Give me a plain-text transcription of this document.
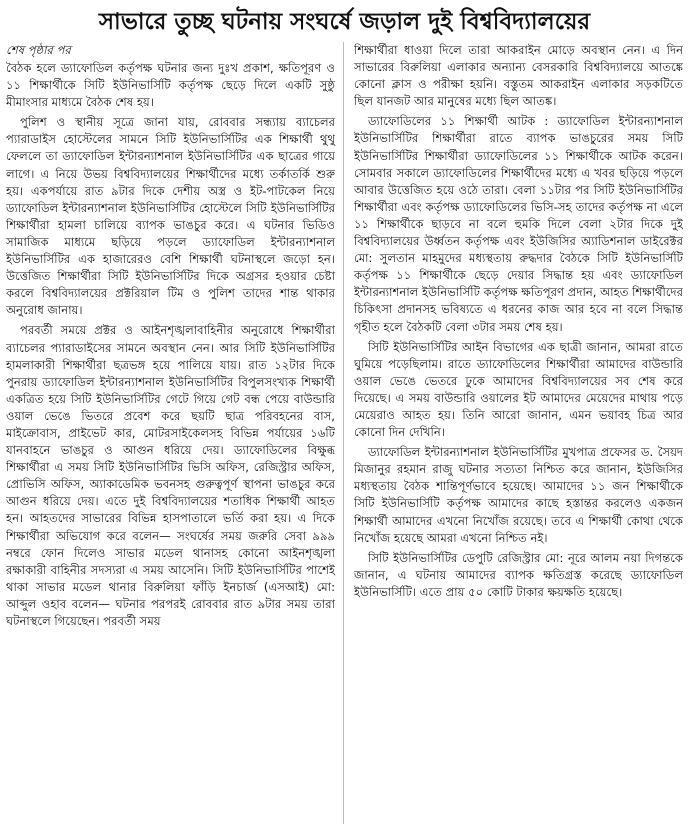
সাভারে তুচ্ছ ঘটনায় সংঘর্ষে জড়াল দুই বিশ্ববিদ্যালয়ের
শেষ পৃষ্ঠার পর

বৈঠক হলে ড্যাফোডিল কর্তৃপক্ষ ঘটনার জন্য দুঃখ প্রকাশ, ক্ষতিপূরণ ও ১১ শিক্ষার্থীকে সিটি ইউনিভার্সিটি কর্তৃপক্ষ ছেড়ে দিলে একটি সুষ্ঠু মীমাংসার মাধ্যমে বৈঠক শেষ হয়।

পুলিশ ও স্থানীয় সূত্রে জানা যায়, রোববার সন্ধ্যায় ব্যাচেলর প্যারাডাইস হোস্টেলের সামনে সিটি ইউনিভার্সিটির এক শিক্ষার্থী থুথু ফেললে তা ড্যাফোডিল ইন্টারন্যাশনাল ইউনিভার্সিটির এক ছাত্রের গায়ে লাগে। এ নিয়ে উভয় বিশ্ববিদ্যালয়ের শিক্ষার্থীদের মধ্যে তর্কাতর্কি শুরু হয়। একপর্যায়ে রাত ৯টার দিকে দেশীয় অস্ত্র ও ইট-পাটকেল নিয়ে ড্যাফোডিল ইন্টারন্যাশনাল ইউনিভার্সিটির হোস্টেলে সিটি ইউনিভার্সিটির শিক্ষার্থীরা হামলা চালিয়ে ব্যাপক ভাঙচুর করে। এ ঘটনার ভিডিও সামাজিক মাধ্যমে ছড়িয়ে পড়লে ড্যাফোডিল ইন্টারন্যাশনাল ইউনিভার্সিটির এক হাজারেরও বেশি শিক্ষার্থী ঘটনাস্থলে জড়ো হন। উত্তেজিত শিক্ষার্থীরা সিটি ইউনিভার্সিটির দিকে অগ্রসর হওয়ার চেষ্টা করলে বিশ্ববিদ্যালয়ের প্রক্টরিয়াল টিম ও পুলিশ তাদের শান্ত থাকার অনুরোধ জানায়।

পরবর্তী সময়ে প্রক্টর ও আইনশৃঙ্খলাবাহিনীর অনুরোধে শিক্ষার্থীরা ব্যাচেলর প্যারাডাইসের সামনে অবস্থান নেন। আর সিটি ইউনিভার্সিটির হামলাকারী শিক্ষার্থীরা ছত্রভঙ্গ হয়ে পালিয়ে যায়। রাত ১২টার দিকে পুনরায় ড্যাফোডিল ইন্টারন্যাশনাল ইউনিভার্সিটির বিপুলসংখ্যক শিক্ষার্থী একত্রিত হয়ে সিটি ইউনিভার্সিটির গেটে গিয়ে গেট বন্ধ পেয়ে বাউন্ডারি ওয়াল ভেঙে ভিতরে প্রবেশ করে ছয়টি ছাত্র পরিবহনের বাস, মাইক্রোবাস, প্রাইভেট কার, মোটরসাইকেলসহ বিভিন্ন পর্যায়ের ১৬টি যানবাহনে ভাঙচুর ও আগুন ধরিয়ে দেয়। ড্যাফোডিলের বিক্ষুব্ধ শিক্ষার্থীরা এ সময় সিটি ইউনিভার্সিটির ভিসি অফিস, রেজিস্ট্রার অফিস, প্রোভিসি অফিস, অ্যাকাডেমিক ভবনসহ গুরুত্বপূর্ণ স্থাপনা ভাঙচুর করে আগুন ধরিয়ে দেয়। এতে দুই বিশ্ববিদ্যালয়ের শতাধিক শিক্ষার্থী আহত হন। আহতদের সাভারের বিভিন্ন হাসপাতালে ভর্তি করা হয়। এ দিকে শিক্ষার্থীরা অভিযোগ করে বলেন— সংঘর্ষের সময় জরুরি সেবা ৯৯৯ নম্বরে ফোন দিলেও সাভার মডেল থানাসহ কোনো আইনশৃঙ্খলা রক্ষাকারী বাহিনীর সদস্যরা এ সময় আসেনি। সিটি ইউনিভার্সিটির পাশেই থাকা সাভার মডেল থানার বিরুলিয়া ফাঁড়ি ইনচার্জ (এসআই) মো: আব্দুল ওহাব বলেন— ঘটনার পরপরই রোববার রাত ৯টার সময় তারা ঘটনাস্থলে গিয়েছেন। পরবর্তী সময়

শিক্ষার্থীরা ধাওয়া দিলে তারা আকরাইন মোড়ে অবস্থান নেন। এ দিন সাভারের বিরুলিয়া এলাকার অন্যান্য বেসরকারি বিশ্ববিদ্যালয়ে আতঙ্কে কোনো ক্লাস ও পরীক্ষা হয়নি। বস্তুতম আকরাইন এলাকার সড়কটিতে ছিল যানজট আর মানুষের মধ্যে ছিল আতঙ্ক।

ড্যাফোডিলের ১১ শিক্ষার্থী আটক : ড্যাফোডিল ইন্টারন্যাশনাল ইউনিভার্সিটির শিক্ষার্থীরা রাতে ব্যাপক ভাঙচুরের সময় সিটি ইউনিভার্সিটির শিক্ষার্থীরা ড্যাফোডিলের ১১ শিক্ষার্থীকে আটক করেন। সোমবার সকালে ড্যাফোডিলের শিক্ষার্থীদের মধ্যে এ খবর ছড়িয়ে পড়লে আবার উত্তেজিত হয়ে ওঠে তারা। বেলা ১১টার পর সিটি ইউনিভার্সিটির শিক্ষার্থীরা এবং কর্তৃপক্ষ ড্যাফোডিলের ভিসি-সহ তাদের কর্তৃপক্ষ না এলে ১১ শিক্ষার্থীকে ছাড়বে না বলে হুমকি দিলে বেলা ২টার দিকে দুই বিশ্ববিদ্যালয়ের উর্ধ্বতন কর্তৃপক্ষ এবং ইউজিসির অ্যাডিশনাল ডাইরেক্টর মো: সুলতান মাহমুদের মধ্যস্থতায় রুদ্ধদার বৈঠকে সিটি ইউনিভার্সিটি কর্তৃপক্ষ ১১ শিক্ষার্থীকে ছেড়ে দেয়ার সিদ্ধান্ত হয় এবং ড্যাফোডিল ইন্টারন্যাশনাল ইউনিভার্সিটি কর্তৃপক্ষ ক্ষতিপূরণ প্রদান, আহত শিক্ষার্থীদের চিকিৎসা প্রদানসহ ভবিষ্যতে এ ধরনের কাজ আর হবে না বলে সিদ্ধান্ত গৃহীত হলে বৈঠকটি বেলা ৩টার সময় শেষ হয়।

সিটি ইউনিভার্সিটির আইন বিভাগের এক ছাত্রী জানান, আমরা রাতে ঘুমিয়ে পড়েছিলাম। রাতে ড্যাফোডিলের শিক্ষার্থীরা আমাদের বাউন্ডারি ওয়াল ভেঙে ভেতরে ঢুকে আমাদের বিশ্ববিদ্যালয়ের সব শেষ করে দিয়েছে। এ সময় বাউন্ডারি ওয়ালের ইট আমাদের মেয়েদের মাথায় পড়ে মেয়েরাও আহত হয়। তিনি আরো জানান, এমন ভয়াবহ চিত্র আর কোনো দিন দেখিনি।

ড্যাফোডিল ইন্টারন্যাশনাল ইউনিভার্সিটির মুখপাত্র প্রফেসর ড. সৈয়দ মিজানুর রহমান রাজু ঘটনার সত্যতা নিশ্চিত করে জানান, ইউজিসির মধ্যস্থতায় বৈঠক শান্তিপূর্ণভাবে হয়েছে। আমাদের ১১ জন শিক্ষার্থীকে সিটি ইউনিভার্সিটি কর্তৃপক্ষ আমাদের কাছে হস্তান্তর করলেও একজন শিক্ষার্থী আমাদের এখনো নিখোঁজ রয়েছে। তবে এ শিক্ষার্থী কোথা থেকে নিখোঁজ হয়েছে আমরা এখনো নিশ্চিত নই।

সিটি ইউনিভার্সিটির ডেপুটি রেজিস্ট্রার মো: নূরে আলম নয়া দিগন্তকে জানান, এ ঘটনায় আমাদের ব্যাপক ক্ষতিগ্রস্ত করেছে ড্যাফোডিল ইউনিভার্সিটি। এতে প্রায় ৫০ কোটি টাকার ক্ষয়ক্ষতি হয়েছে।
